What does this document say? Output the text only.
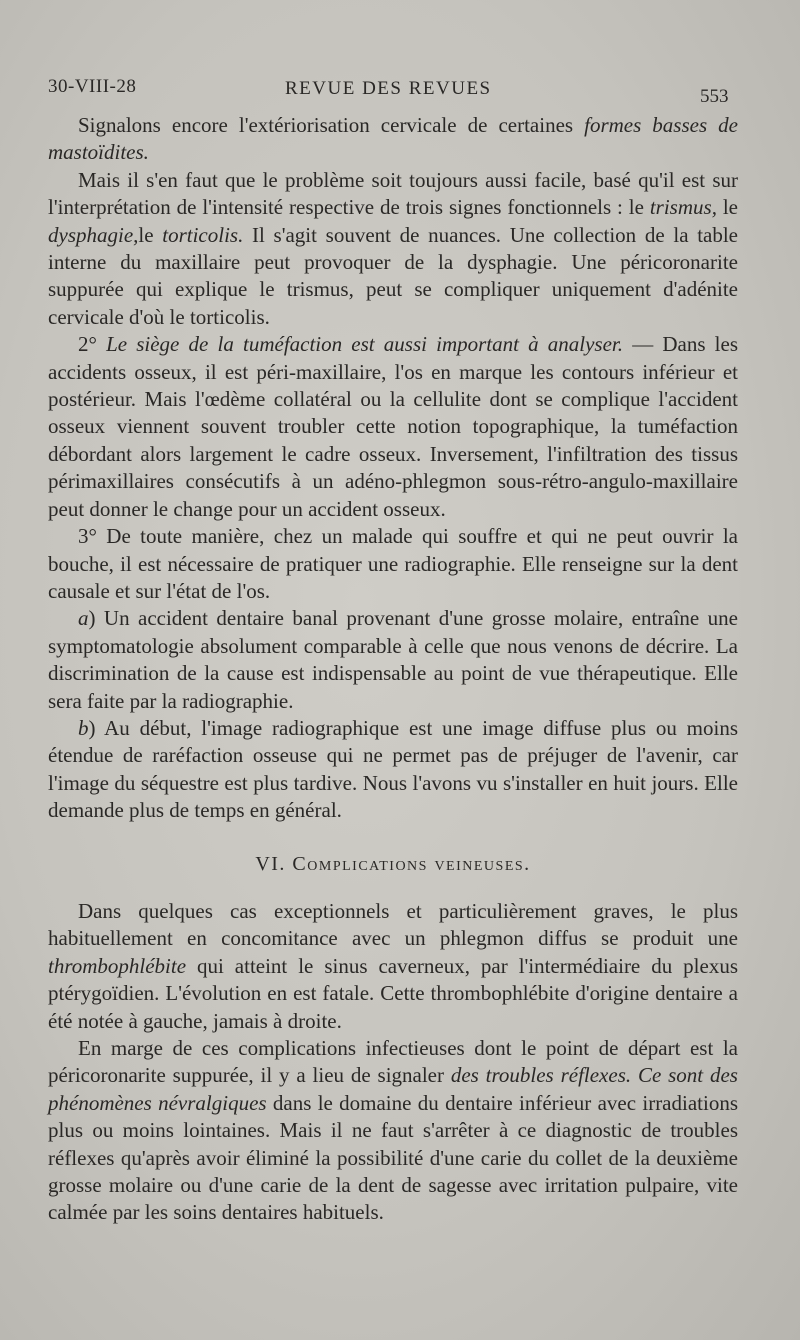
30-VIII-28	REVUE DES REVUES	553

Signalons encore l'extériorisation cervicale de certaines formes basses de mastoïdites.

Mais il s'en faut que le problème soit toujours aussi facile, basé qu'il est sur l'interprétation de l'intensité respective de trois signes fonctionnels : le trismus, le dysphagie,le torticolis. Il s'agit souvent de nuances. Une collection de la table interne du maxillaire peut provoquer de la dysphagie. Une péricoronarite suppurée qui explique le trismus, peut se compliquer uniquement d'adénite cervicale d'où le torticolis.

2° Le siège de la tuméfaction est aussi important à analyser. — Dans les accidents osseux, il est péri-maxillaire, l'os en marque les contours inférieur et postérieur. Mais l'œdème collatéral ou la cellulite dont se complique l'accident osseux viennent souvent troubler cette notion topographique, la tuméfaction débordant alors largement le cadre osseux. Inversement, l'infiltration des tissus périmaxillaires consécutifs à un adéno-phlegmon sous-rétro-angulo-maxillaire peut donner le change pour un accident osseux.

3° De toute manière, chez un malade qui souffre et qui ne peut ouvrir la bouche, il est nécessaire de pratiquer une radiographie. Elle renseigne sur la dent causale et sur l'état de l'os.

a) Un accident dentaire banal provenant d'une grosse molaire, entraîne une symptomatologie absolument comparable à celle que nous venons de décrire. La discrimination de la cause est indispensable au point de vue thérapeutique. Elle sera faite par la radiographie.

b) Au début, l'image radiographique est une image diffuse plus ou moins étendue de raréfaction osseuse qui ne permet pas de préjuger de l'avenir, car l'image du séquestre est plus tardive. Nous l'avons vu s'installer en huit jours. Elle demande plus de temps en général.

VI. Complications veineuses.

Dans quelques cas exceptionnels et particulièrement graves, le plus habituellement en concomitance avec un phlegmon diffus se produit une thrombophlébite qui atteint le sinus caverneux, par l'intermédiaire du plexus ptérygoïdien. L'évolution en est fatale. Cette thrombophlébite d'origine dentaire a été notée à gauche, jamais à droite.

En marge de ces complications infectieuses dont le point de départ est la péricoronarite suppurée, il y a lieu de signaler des troubles réflexes. Ce sont des phénomènes névralgiques dans le domaine du dentaire inférieur avec irradiations plus ou moins lointaines. Mais il ne faut s'arrêter à ce diagnostic de troubles réflexes qu'après avoir éliminé la possibilité d'une carie du collet de la deuxième grosse molaire ou d'une carie de la dent de sagesse avec irritation pulpaire, vite calmée par les soins dentaires habituels.
